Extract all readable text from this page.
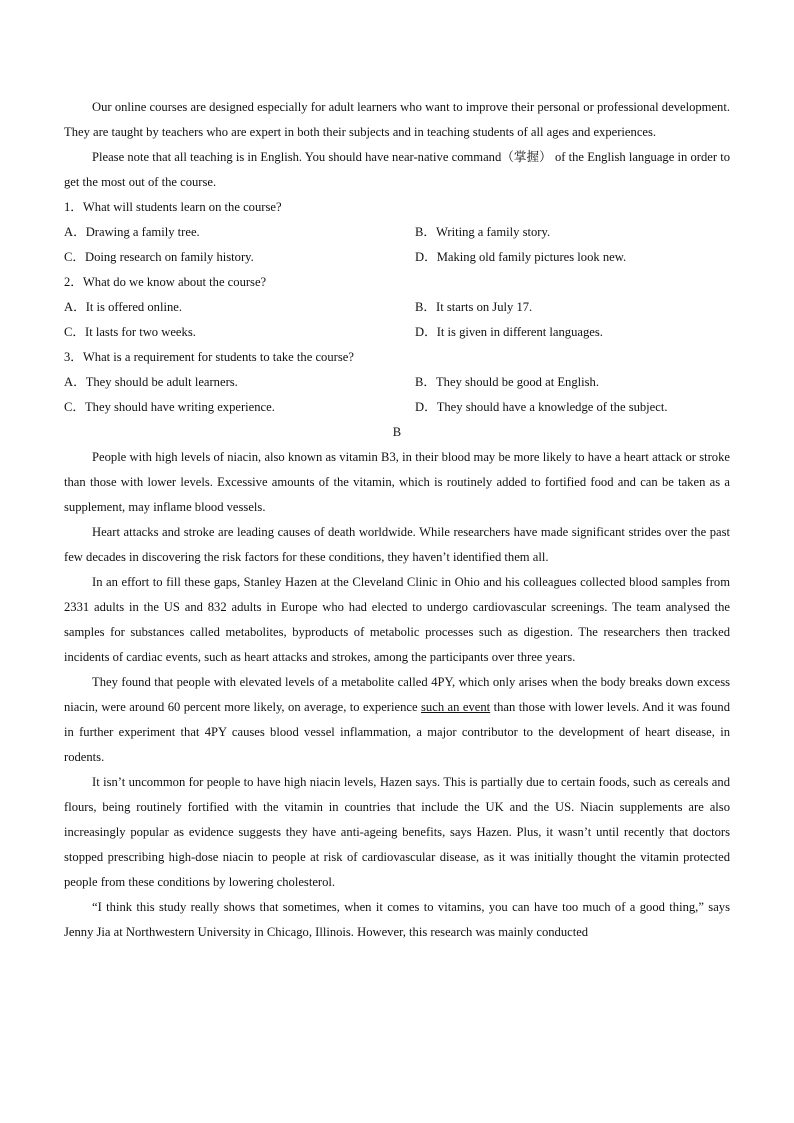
Our online courses are designed especially for adult learners who want to improve their personal or professional development. They are taught by teachers who are expert in both their subjects and in teaching students of all ages and experiences.

Please note that all teaching is in English. You should have near-native command（掌握） of the English language in order to get the most out of the course.

1．What will students learn on the course?

A．Drawing a family tree.	B．Writing a family story.
C．Doing research on family history.	D．Making old family pictures look new.

2．What do we know about the course?

A．It is offered online.	B．It starts on July 17.
C．It lasts for two weeks.	D．It is given in different languages.

3．What is a requirement for students to take the course?

A．They should be adult learners.	B．They should be good at English.
C．They should have writing experience.	D．They should have a knowledge of the subject.

B

People with high levels of niacin, also known as vitamin B3, in their blood may be more likely to have a heart attack or stroke than those with lower levels. Excessive amounts of the vitamin, which is routinely added to fortified food and can be taken as a supplement, may inflame blood vessels.

Heart attacks and stroke are leading causes of death worldwide. While researchers have made significant strides over the past few decades in discovering the risk factors for these conditions, they haven’t identified them all.

In an effort to fill these gaps, Stanley Hazen at the Cleveland Clinic in Ohio and his colleagues collected blood samples from 2331 adults in the US and 832 adults in Europe who had elected to undergo cardiovascular screenings. The team analysed the samples for substances called metabolites, byproducts of metabolic processes such as digestion. The researchers then tracked incidents of cardiac events, such as heart attacks and strokes, among the participants over three years.

They found that people with elevated levels of a metabolite called 4PY, which only arises when the body breaks down excess niacin, were around 60 percent more likely, on average, to experience such an event than those with lower levels. And it was found in further experiment that 4PY causes blood vessel inflammation, a major contributor to the development of heart disease, in rodents.

It isn’t uncommon for people to have high niacin levels, Hazen says. This is partially due to certain foods, such as cereals and flours, being routinely fortified with the vitamin in countries that include the UK and the US. Niacin supplements are also increasingly popular as evidence suggests they have anti-ageing benefits, says Hazen. Plus, it wasn’t until recently that doctors stopped prescribing high-dose niacin to people at risk of cardiovascular disease, as it was initially thought the vitamin protected people from these conditions by lowering cholesterol.

“I think this study really shows that sometimes, when it comes to vitamins, you can have too much of a good thing,” says Jenny Jia at Northwestern University in Chicago, Illinois. However, this research was mainly conducted
